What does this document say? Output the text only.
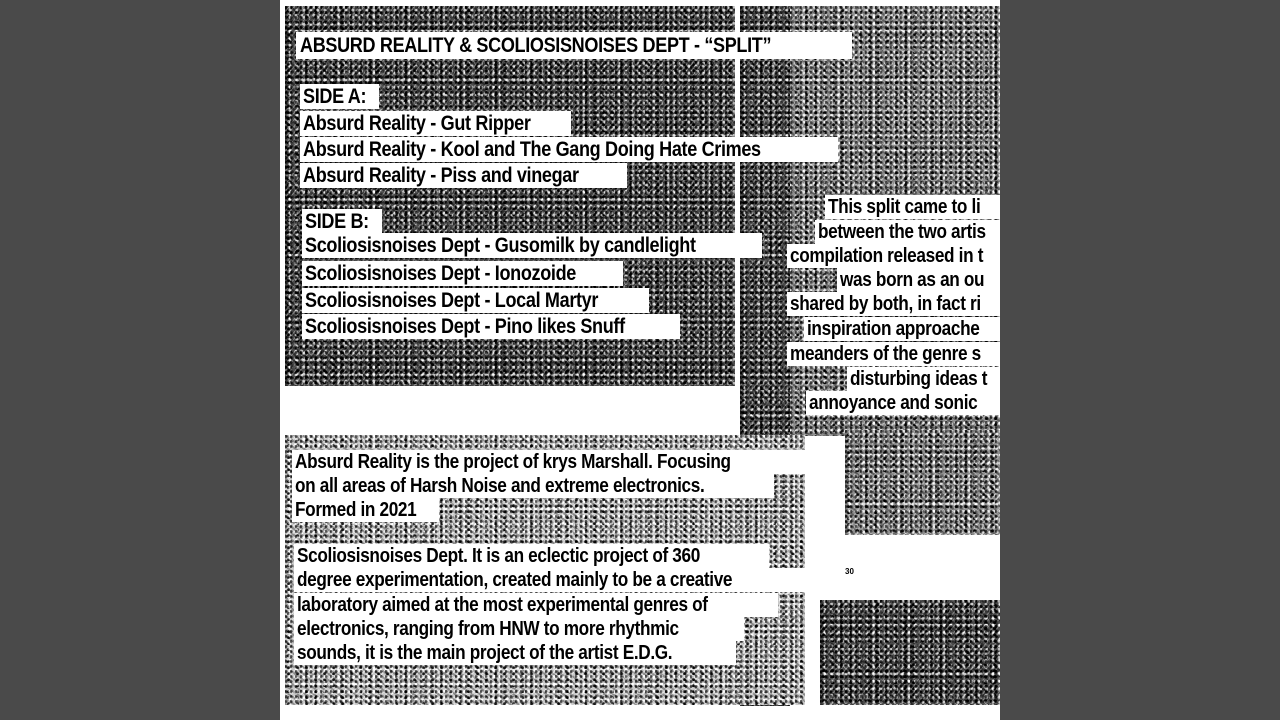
30
ABSURD REALITY & SCOLIOSISNOISES DEPT - “SPLIT”
SIDE A:
Absurd Reality - Gut Ripper
Absurd Reality - Kool and The Gang Doing Hate Crimes
Absurd Reality - Piss and vinegar
SIDE B:
Scoliosisnoises Dept - Gusomilk by candlelight
Scoliosisnoises Dept - Ionozoide
Scoliosisnoises Dept - Local Martyr
Scoliosisnoises Dept - Pino likes Snuff
This split came to li
between the two artis
compilation released in t
was born as an ou
shared by both, in fact ri
inspiration approache
meanders of the genre s
disturbing ideas t
annoyance and sonic
Absurd Reality is the project of krys Marshall. Focusing
on all areas of Harsh Noise and extreme electronics.
Formed in 2021
Scoliosisnoises Dept. It is an eclectic project of 360
degree experimentation, created mainly to be a creative
laboratory aimed at the most experimental genres of
electronics, ranging from HNW to more rhythmic
sounds, it is the main project of the artist E.D.G.
